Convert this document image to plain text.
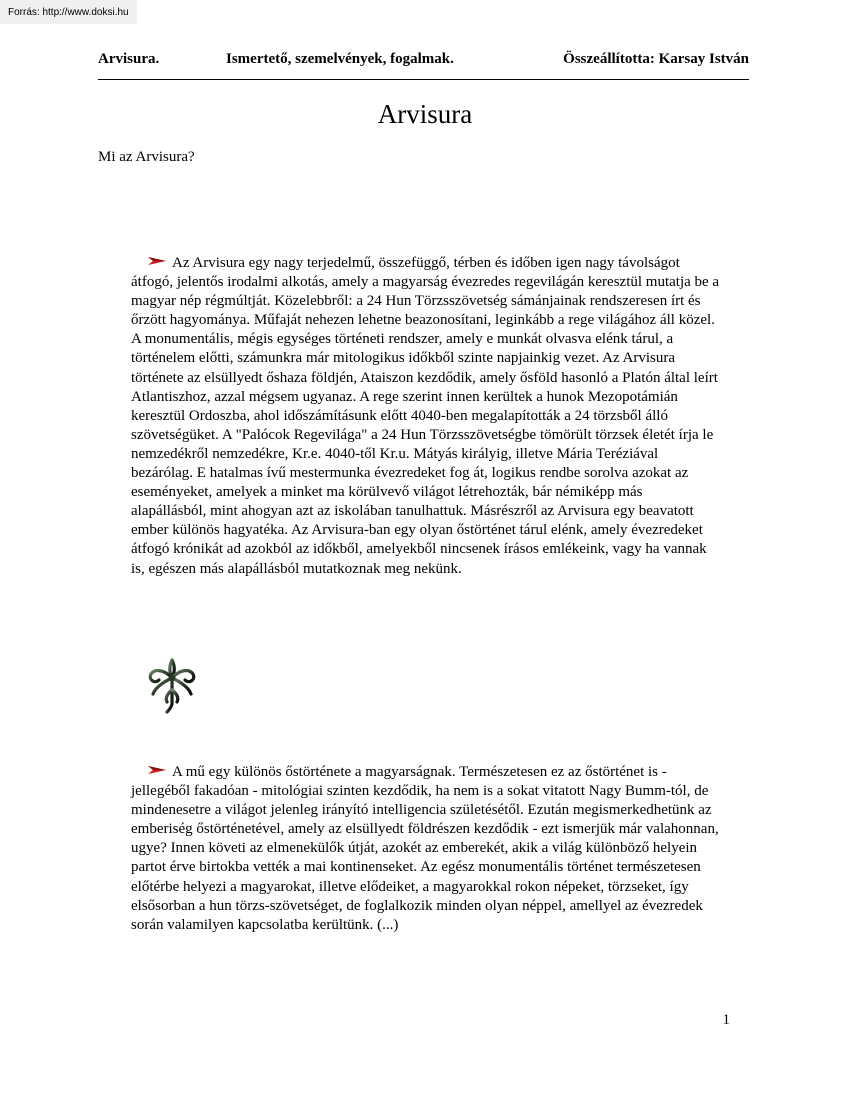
Forrás: http://www.doksi.hu
Arvisura.	Ismertető, szemelvények, fogalmak.	Összeállította: Karsay István
Arvisura
Mi az Arvisura?

Az Arvisura egy nagy terjedelmű, összefüggő, térben és időben igen nagy távolságot átfogó, jelentős irodalmi alkotás, amely a magyarság évezredes regevilágán keresztül mutatja be a magyar nép régmúltját. Közelebbről: a 24 Hun Törzsszövetség sámánjainak rendszeresen írt és őrzött hagyománya. Műfaját nehezen lehetne beazonosítani, leginkább a rege világához áll közel. A monumentális, mégis egységes történeti rendszer, amely e munkát olvasva elénk tárul, a történelem előtti, számunkra már mitologikus időkből szinte napjainkig vezet. Az Arvisura története az elsüllyedt őshaza földjén, Ataiszon kezdődik, amely ősföld hasonló a Platón által leírt Atlantiszhoz, azzal mégsem ugyanaz. A rege szerint innen kerültek a hunok Mezopotámián keresztül Ordoszba, ahol időszámításunk előtt 4040-ben megalapították a 24 törzsből álló szövetségüket. A "Palócok Regevilága" a 24 Hun Törzsszövetségbe tömörült törzsek életét írja le nemzedékről nemzedékre, Kr.e. 4040-től Kr.u. Mátyás királyig, illetve Mária Teréziával bezárólag. E hatalmas ívű mestermunka évezredeket fog át, logikus rendbe sorolva azokat az eseményeket, amelyek a minket ma körülvevő világot létrehozták, bár némiképp más alapállásból, mint ahogyan azt az iskolában tanulhattuk. Másrészről az Arvisura egy beavatott ember különös hagyatéka. Az Arvisura-ban egy olyan őstörténet tárul elénk, amely évezredeket átfogó krónikát ad azokból az időkből, amelyekből nincsenek írásos emlékeink, vagy ha vannak is, egészen más alapállásból mutatkoznak meg nekünk.

A mű egy különös őstörténete a magyarságnak. Természetesen ez az őstörténet is - jellegéből fakadóan - mitológiai szinten kezdődik, ha nem is a sokat vitatott Nagy Bumm-tól, de mindenesetre a világot jelenleg irányító intelligencia születésétől. Ezután megismerkedhetünk az emberiség őstörténetével, amely az elsüllyedt földrészen kezdődik - ezt ismerjük már valahonnan, ugye? Innen követi az elmenekülők útját, azokét az emberekét, akik a világ különböző helyein partot érve birtokba vették a mai kontinenseket. Az egész monumentális történet természetesen előtérbe helyezi a magyarokat, illetve elődeiket, a magyarokkal rokon népeket, törzseket, így elsősorban a hun törzs-szövetséget, de foglalkozik minden olyan néppel, amellyel az évezredek során valamilyen kapcsolatba kerültünk. (...)

1
